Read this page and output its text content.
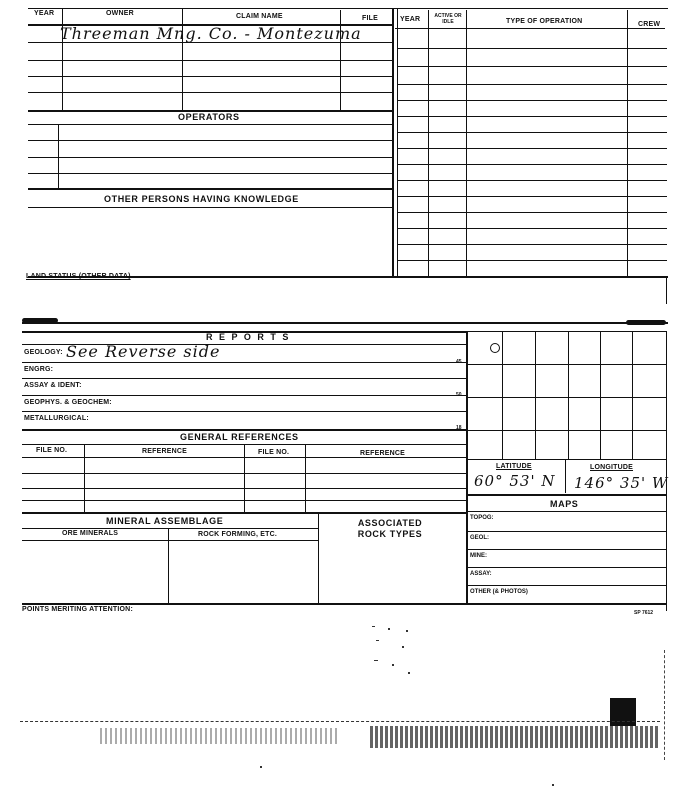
YEAR	OWNER	CLAIM NAME	FILE	YEAR	ACTIVE OR IDLE	TYPE OF OPERATION	CREW
Threeman Mng. Co. - Montezuma
OPERATORS
OTHER PERSONS HAVING KNOWLEDGE
LAND STATUS (OTHER DATA)
R E P O R T S
GEOLOGY: See Reverse side
45
ENGRG:
ASSAY & IDENT:
50
GEOPHYS. & GEOCHEM:
METALLURGICAL:
18
GENERAL REFERENCES
FILE NO.	REFERENCE	FILE NO.	REFERENCE
MINERAL ASSEMBLAGE
ORE MINERALS	ROCK FORMING, ETC.
ASSOCIATED
ROCK TYPES
LATITUDE	LONGITUDE
60° 53' N 146° 35' W
MAPS
TOPOG:
GEOL:
MINE:
ASSAY:
OTHER (& PHOTOS)
POINTS MERITING ATTENTION:	SP 7612
